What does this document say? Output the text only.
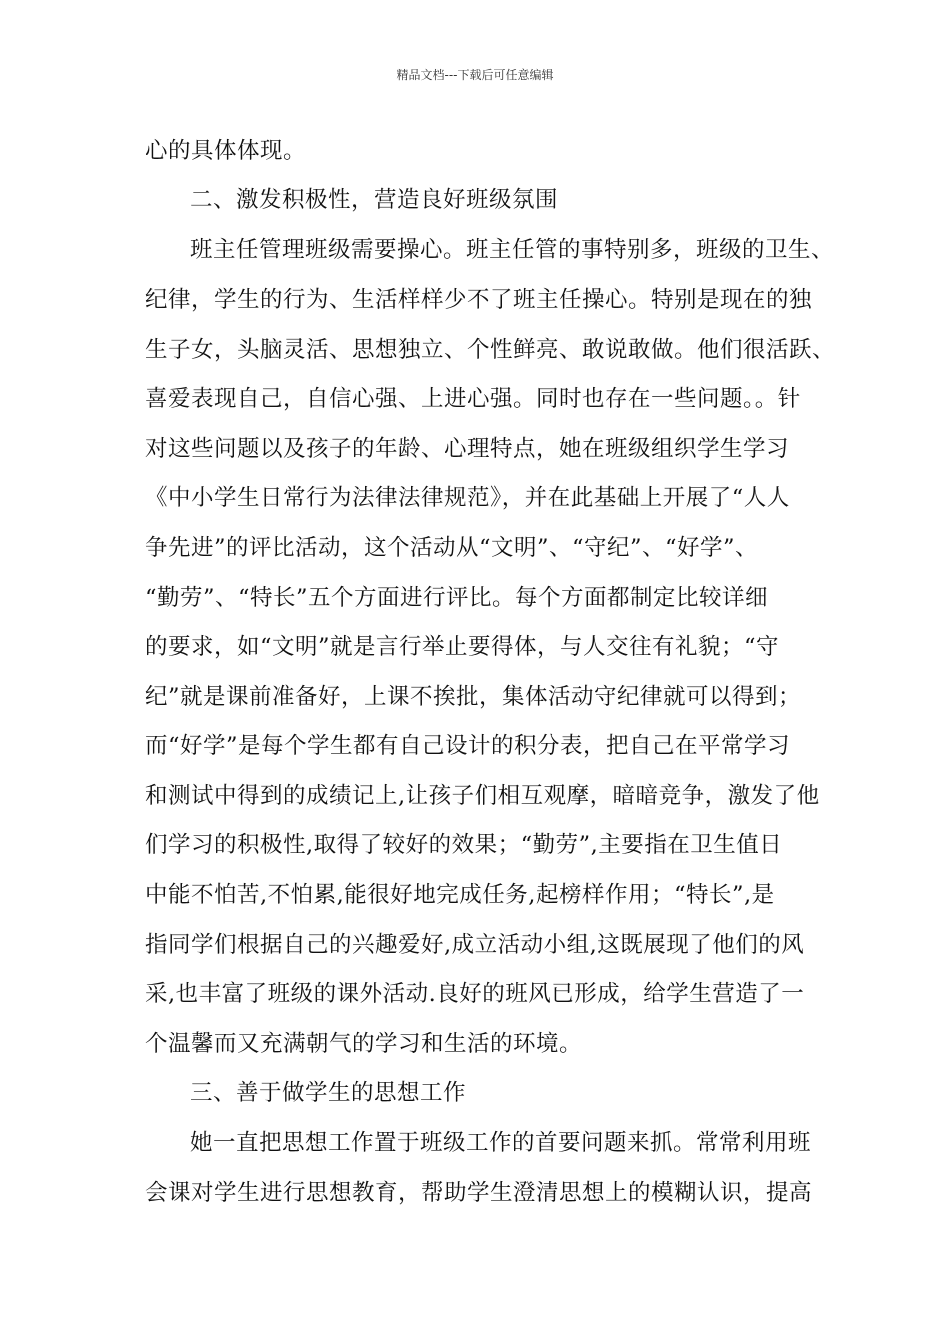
精品文档---下载后可任意编辑
心的具体体现。
二、激发积极性，营造良好班级氛围
班主任管理班级需要操心。班主任管的事特别多，班级的卫生、
纪律，学生的行为、生活样样少不了班主任操心。特别是现在的独
生子女，头脑灵活、思想独立、个性鲜亮、敢说敢做。他们很活跃、
喜爱表现自己，自信心强、上进心强。同时也存在一些问题。。针
对这些问题以及孩子的年龄、心理特点，她在班级组织学生学习
《中小学生日常行为法律法律规范》，并在此基础上开展了“人人
争先进”的评比活动，这个活动从“文明”、“守纪”、“好学”、
“勤劳”、“特长”五个方面进行评比。每个方面都制定比较详细
的要求，如“文明”就是言行举止要得体，与人交往有礼貌；“守
纪”就是课前准备好，上课不挨批，集体活动守纪律就可以得到；
而“好学”是每个学生都有自己设计的积分表，把自己在平常学习
和测试中得到的成绩记上,让孩子们相互观摩，暗暗竞争，激发了他
们学习的积极性,取得了较好的效果；“勤劳”,主要指在卫生值日
中能不怕苦,不怕累,能很好地完成任务,起榜样作用；“特长”,是
指同学们根据自己的兴趣爱好,成立活动小组,这既展现了他们的风
采,也丰富了班级的课外活动.良好的班风已形成，给学生营造了一
个温馨而又充满朝气的学习和生活的环境。
三、善于做学生的思想工作
她一直把思想工作置于班级工作的首要问题来抓。常常利用班
会课对学生进行思想教育，帮助学生澄清思想上的模糊认识，提高
